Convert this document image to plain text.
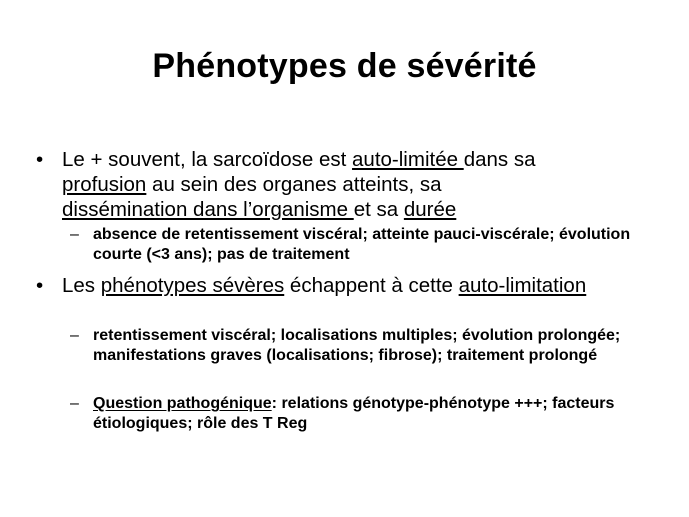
Phénotypes de sévérité
• Le + souvent, la sarcoïdose est auto-limitée dans sa
profusion au sein des organes atteints, sa
dissémination dans l’organisme et sa durée
– absence de retentissement viscéral; atteinte pauci-viscérale; évolution courte (<3 ans); pas de traitement
• Les phénotypes sévères échappent à cette auto-limitation
– retentissement viscéral; localisations multiples; évolution prolongée; manifestations graves (localisations; fibrose); traitement prolongé
– Question pathogénique: relations génotype-phénotype +++; facteurs étiologiques; rôle des T Reg
